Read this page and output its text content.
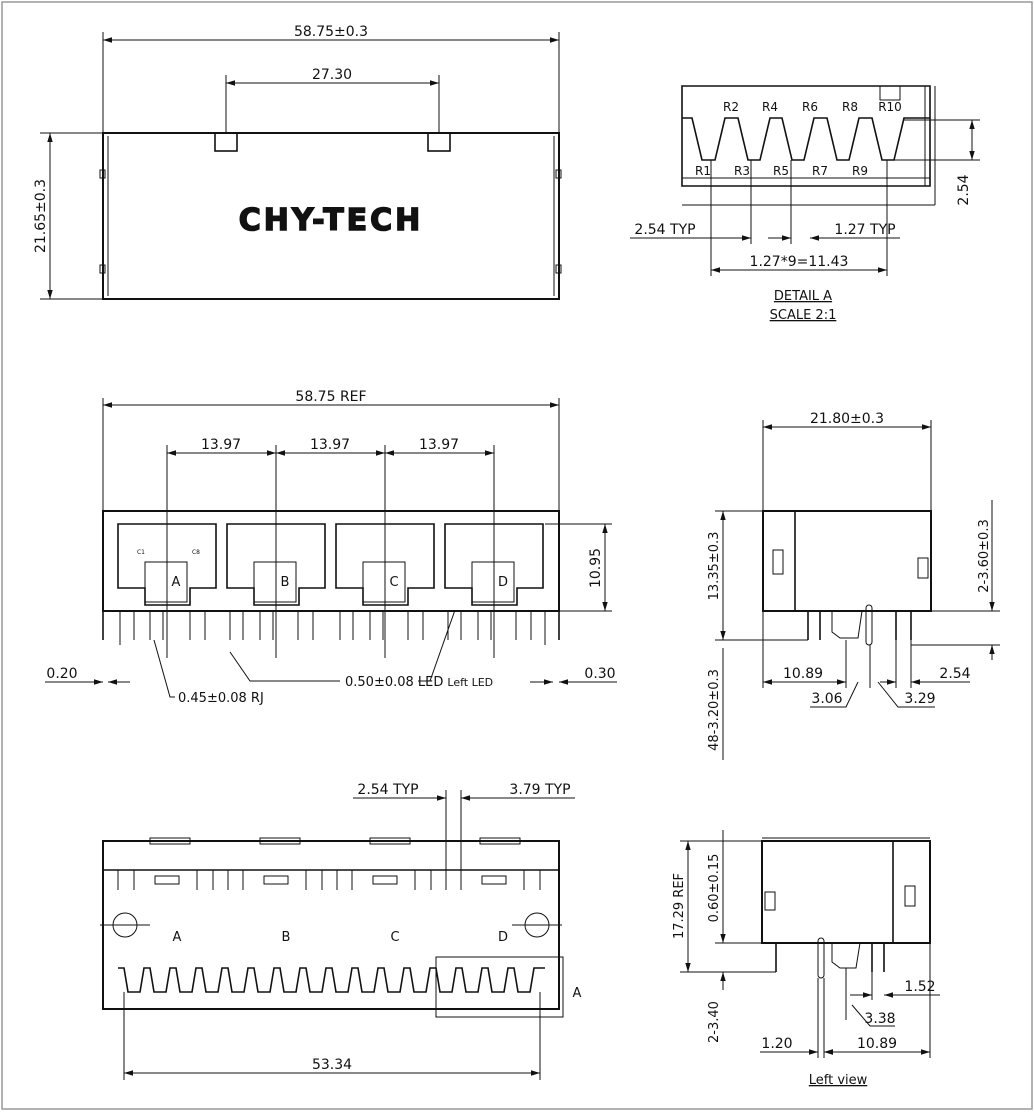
CHY-TECH
58.75±0.3
27.30
21.65±0.3
R2 R4 R6 R8 R10
R1 R3 R5 R7 R9
2.54
2.54 TYP	1.27 TYP
1.27*9=11.43
DETAIL A
SCALE 2:1
A	B	C	D
C1	C8
13.97	13.97	13.97
58.75 REF
10.95
0.20	0.30
0.50±0.08 LED Left LED
0.45±0.08 RJ
21.80±0.3
13.35±0.3
48-3.20±0.3
2-3.60±0.3
10.89	2.54
3.06	3.29
A	B	C	D
A
2.54 TYP	3.79 TYP
53.34
17.29 REF 0.60±0.15
2-3.40
1.52
3.38
1.20	10.89
Left view
